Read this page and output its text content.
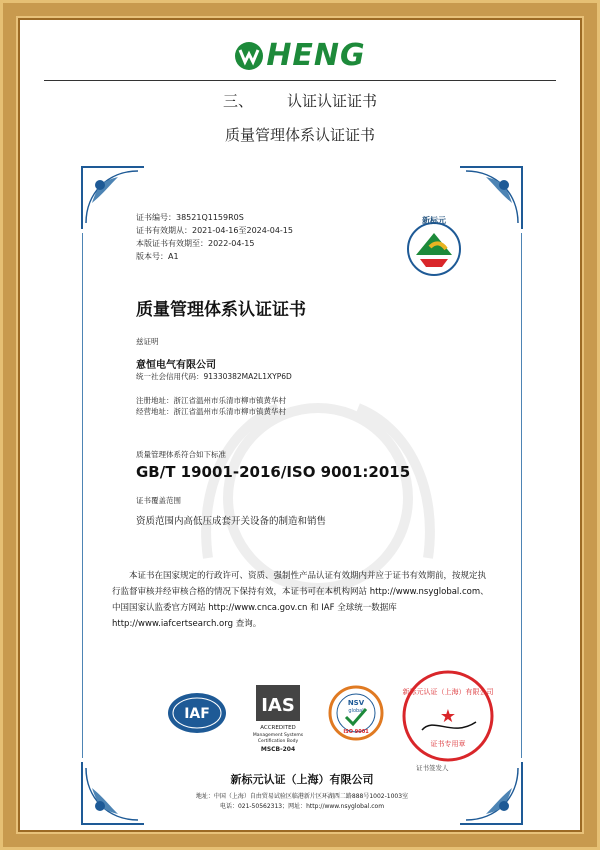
HENG
三、 认证认证证书
质量管理体系认证证书
证书编号：38521Q1159R0S
证书有效期从：2021-04-16至2024-04-15
本版证书有效期至：2022-04-15
版本号：A1
新标元
质量管理体系认证证书
兹证明
意恒电气有限公司
统一社会信用代码：91330382MA2L1XYP6D
注册地址：浙江省温州市乐清市柳市镇黄华村
经营地址：浙江省温州市乐清市柳市镇黄华村
质量管理体系符合如下标准
GB/T 19001-2016/ISO 9001:2015
证书覆盖范围
资质范围内高低压成套开关设备的制造和销售
本证书在国家规定的行政许可、资质、强制性产品认证有效期内并应于证书有效期前，按规定执行监督审核并经审核合格的情况下保持有效，本证书可在本机构网站 http://www.nsyglobal.com、中国国家认监委官方网站 http://www.cnca.gov.cn 和 IAF 全球统一数据库 http://www.iafcertsearch.org 查询。
IAF	IAS
ACCREDITED
Management Systems
Certification Body
MSCB-204
NSV
global
ISO 9001
新标元认证（上海）有限公司
★
证书专用章
证书签发人
新标元认证（上海）有限公司
地址：中国（上海）自由贸易试验区临港新片区环湖西二路888号1002-1003室
电话：021-50562313；网址：http://www.nsyglobal.com
